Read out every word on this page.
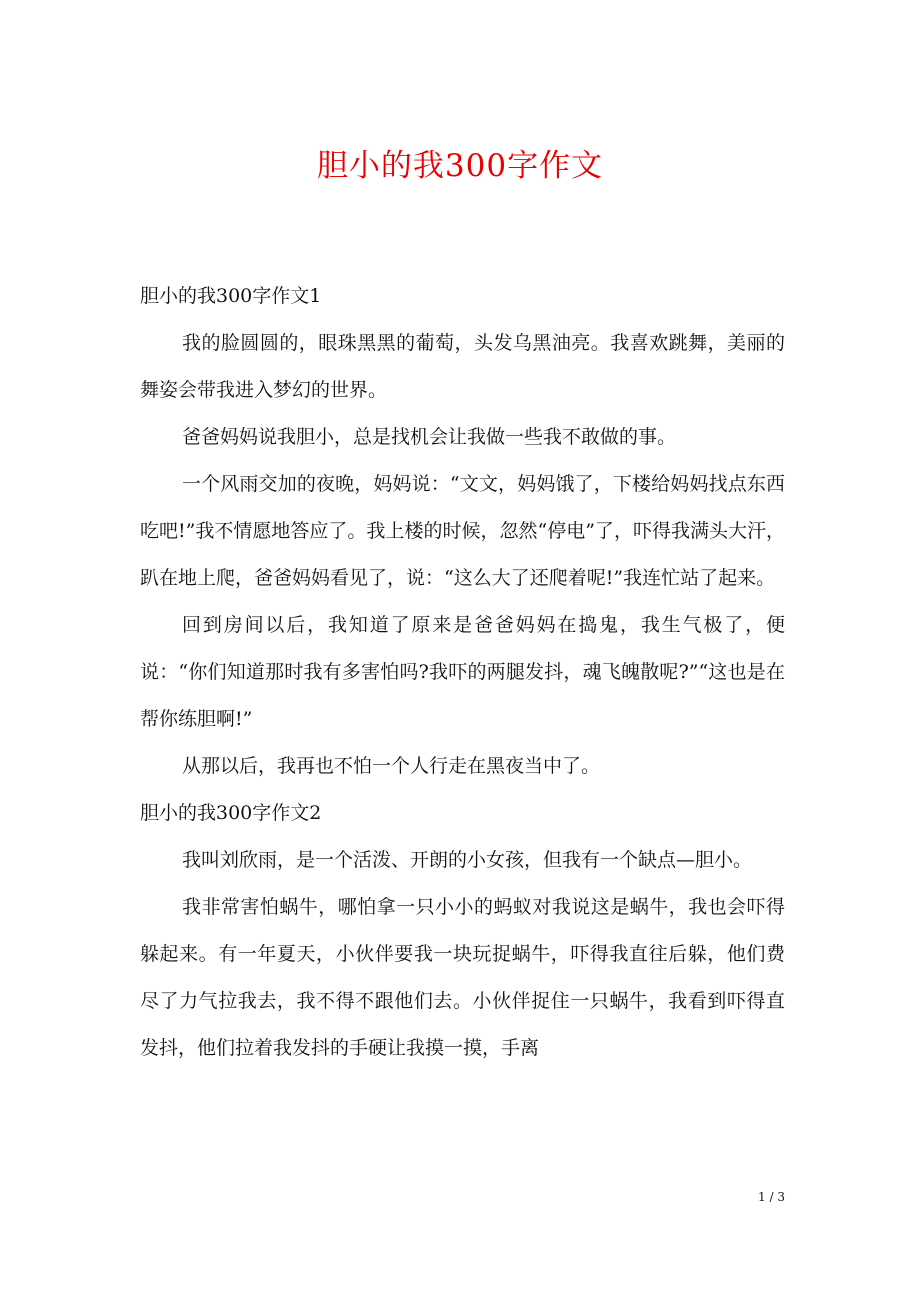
胆小的我300字作文

胆小的我300字作文1

我的脸圆圆的，眼珠黑黑的葡萄，头发乌黑油亮。我喜欢跳舞，美丽的舞姿会带我进入梦幻的世界。

爸爸妈妈说我胆小，总是找机会让我做一些我不敢做的事。

一个风雨交加的夜晚，妈妈说：“文文，妈妈饿了，下楼给妈妈找点东西吃吧!”我不情愿地答应了。我上楼的时候，忽然“停电”了，吓得我满头大汗，趴在地上爬，爸爸妈妈看见了，说：“这么大了还爬着呢!”我连忙站了起来。

回到房间以后，我知道了原来是爸爸妈妈在捣鬼，我生气极了，便说：“你们知道那时我有多害怕吗?我吓的两腿发抖，魂飞魄散呢?”“这也是在帮你练胆啊!”

从那以后，我再也不怕一个人行走在黑夜当中了。

胆小的我300字作文2

我叫刘欣雨，是一个活泼、开朗的小女孩，但我有一个缺点—胆小。

我非常害怕蜗牛，哪怕拿一只小小的蚂蚁对我说这是蜗牛，我也会吓得躲起来。有一年夏天，小伙伴要我一块玩捉蜗牛，吓得我直往后躲，他们费尽了力气拉我去，我不得不跟他们去。小伙伴捉住一只蜗牛，我看到吓得直发抖，他们拉着我发抖的手硬让我摸一摸，手离

1 / 3
